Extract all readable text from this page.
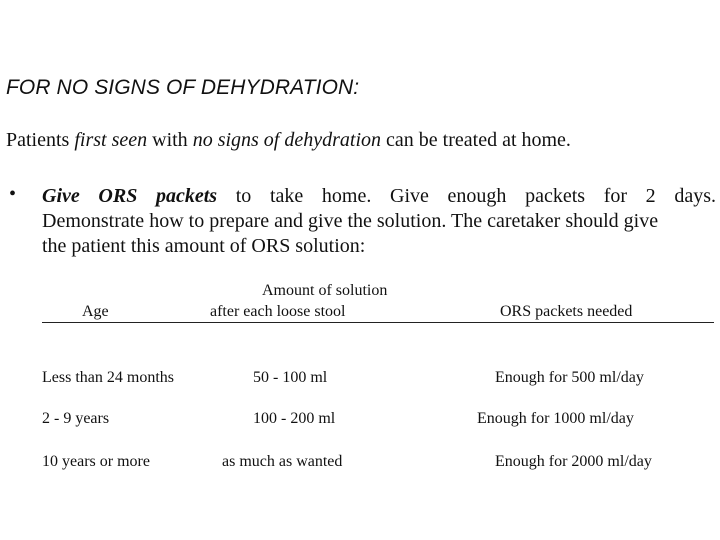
FOR NO SIGNS OF DEHYDRATION:
Patients first seen with no signs of dehydration can be treated at home.
• Give ORS packets to take home. Give enough packets for 2 days.
Demonstrate how to prepare and give the solution. The caretaker should give
the patient this amount of ORS solution:
Amount of solution
Age	after each loose stool	ORS packets needed
Less than 24 months	50 - 100 ml	Enough for 500 ml/day
2 - 9 years	100 - 200 ml	Enough for 1000 ml/day
10 years or more	as much as wanted	Enough for 2000 ml/day
